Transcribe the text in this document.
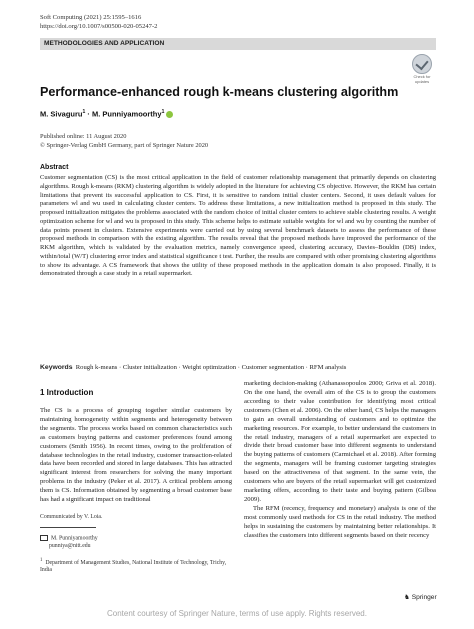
Soft Computing (2021) 25:1595–1616
https://doi.org/10.1007/s00500-020-05247-2
METHODOLOGIES AND APPLICATION
Check for updates
Performance-enhanced rough k-means clustering algorithm
M. Sivaguru$^1$ · M. Punniyamoorthy$^1$
Published online: 11 August 2020
© Springer-Verlag GmbH Germany, part of Springer Nature 2020
Abstract
Customer segmentation (CS) is the most critical application in the field of customer relationship management that primarily depends on clustering algorithms. Rough k-means (RKM) clustering algorithm is widely adopted in the literature for achieving CS objective. However, the RKM has certain limitations that prevent its successful application to CS. First, it is sensitive to random initial cluster centers. Second, it uses default values for parameters wl and wu used in calculating cluster centers. To address these limitations, a new initialization method is proposed in this study. The proposed initialization mitigates the problems associated with the random choice of initial cluster centers to achieve stable clustering results. A weight optimization scheme for wl and wu is proposed in this study. This scheme helps to estimate suitable weights for wl and wu by counting the number of data points present in clusters. Extensive experiments were carried out by using several benchmark datasets to assess the performance of these proposed methods in comparison with the existing algorithm. The results reveal that the proposed methods have improved the performance of the RKM algorithm, which is validated by the evaluation metrics, namely convergence speed, clustering accuracy, Davies–Bouldin (DB) index, within/total (W/T) clustering error index and statistical significance t test. Further, the results are compared with other promising clustering algorithms to show its advantage. A CS framework that shows the utility of these proposed methods in the application domain is also proposed. Finally, it is demonstrated through a case study in a retail supermarket.
Keywords Rough k-means · Cluster initialization · Weight optimization · Customer segmentation · RFM analysis
1 Introduction

The CS is a process of grouping together similar customers by maintaining homogeneity within segments and heterogeneity between the segments. The process works based on common characteristics such as customers buying patterns and customer preferences found among customers (Smith 1956). In recent times, owing to the proliferation of database technologies in the retail industry, customer transaction-related data have been recorded and stored in large databases. This has attracted significant interest from researchers for solving the many important problems in the industry (Peker et al. 2017). A critical problem among them is CS. Information obtained by segmenting a broad customer base has had a significant impact on traditional

marketing decision-making (Athanassopoulos 2000; Griva et al. 2018). On the one hand, the overall aim of the CS is to group the customers according to their value contribution for identifying most critical customers (Chen et al. 2006). On the other hand, CS helps the managers to gain an overall understanding of customers and to optimize the marketing resources. For example, to better understand the customers in the retail industry, managers of a retail supermarket are expected to divide their broad customer base into different segments to understand the buying patterns of customers (Carmichael et al. 2018). After forming the segments, managers will be framing customer targeting strategies based on the attractiveness of that segment. In the same vein, the customers who are buyers of the retail supermarket will get customized marketing offers, according to their taste and buying pattern (Gilboa 2009).

The RFM (recency, frequency and monetary) analysis is one of the most commonly used methods for CS in the retail industry. The method helps in sustaining the customers by maintaining better relationships. It classifies the customers into different segments based on their recency

Communicated by V. Loia.
M. Punniyamoorthy
punniya@nitt.edu
$^1$ Department of Management Studies, National Institute of Technology, Trichy, India
♞ Springer
Content courtesy of Springer Nature, terms of use apply. Rights reserved.
